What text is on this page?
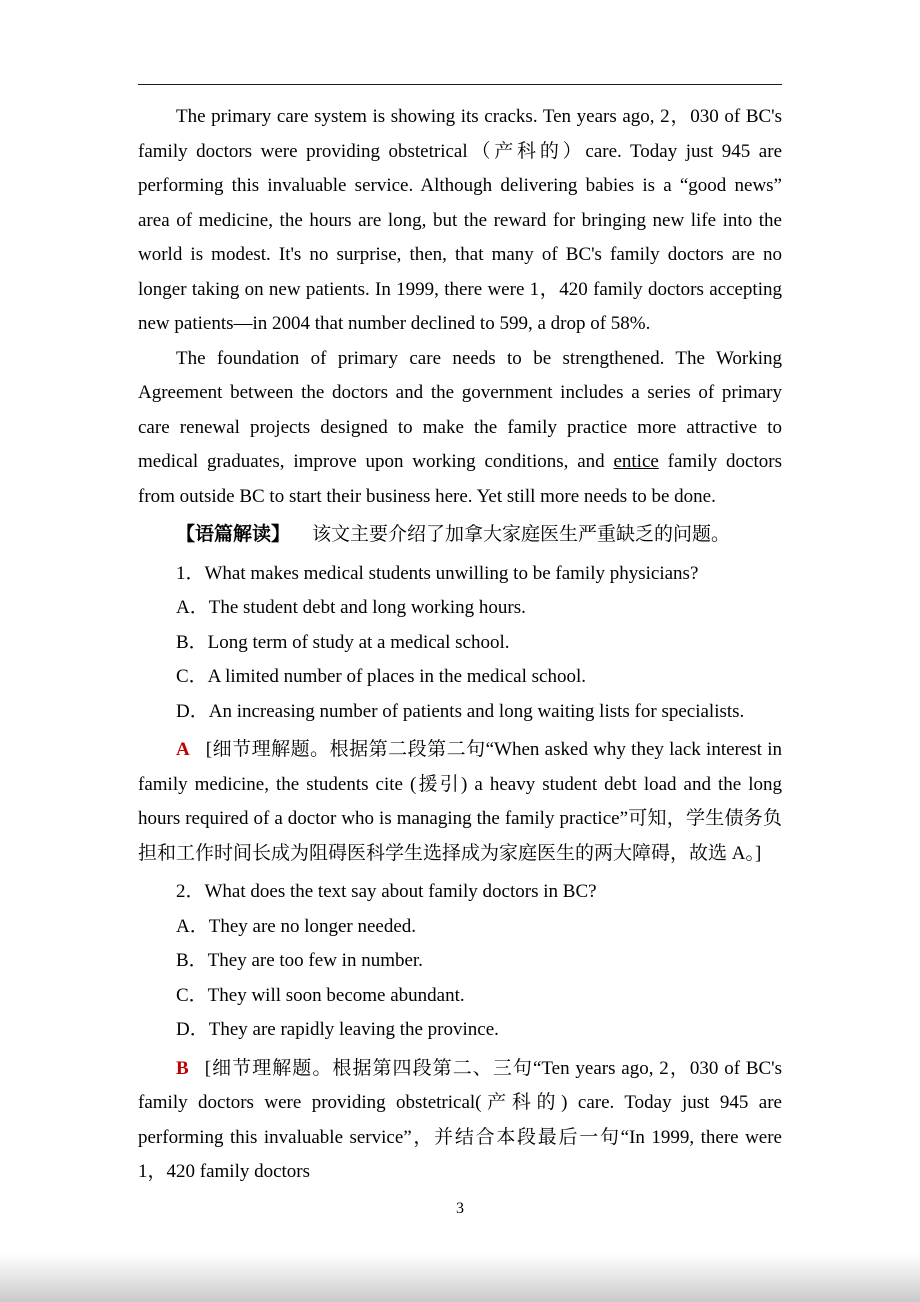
The primary care system is showing its cracks. Ten years ago, 2，030 of BC's family doctors were providing obstetrical（产科的）care. Today just 945 are performing this invaluable service. Although delivering babies is a “good news” area of medicine, the hours are long, but the reward for bringing new life into the world is modest. It's no surprise, then, that many of BC's family doctors are no longer taking on new patients. In 1999, there were 1，420 family doctors accepting new patients—in 2004 that number declined to 599, a drop of 58%.

The foundation of primary care needs to be strengthened. The Working Agreement between the doctors and the government includes a series of primary care renewal projects designed to make the family practice more attractive to medical graduates, improve upon working conditions, and entice family doctors from outside BC to start their business here. Yet still more needs to be done.

【语篇解读】 该文主要介绍了加拿大家庭医生严重缺乏的问题。

1．What makes medical students unwilling to be family physicians?

A．The student debt and long working hours.

B．Long term of study at a medical school.

C．A limited number of places in the medical school.

D．An increasing number of patients and long waiting lists for specialists.

A [细节理解题。根据第二段第二句“When asked why they lack interest in family medicine, the students cite (援引) a heavy student debt load and the long hours required of a doctor who is managing the family practice”可知，学生债务负担和工作时间长成为阻碍医科学生选择成为家庭医生的两大障碍，故选 A。]

2．What does the text say about family doctors in BC?

A．They are no longer needed.

B．They are too few in number.

C．They will soon become abundant.

D．They are rapidly leaving the province.

B [细节理解题。根据第四段第二、三句“Ten years ago, 2，030 of BC's family doctors were providing obstetrical(产科的) care. Today just 945 are performing this invaluable service”，并结合本段最后一句“In 1999, there were 1，420 family doctors

3
